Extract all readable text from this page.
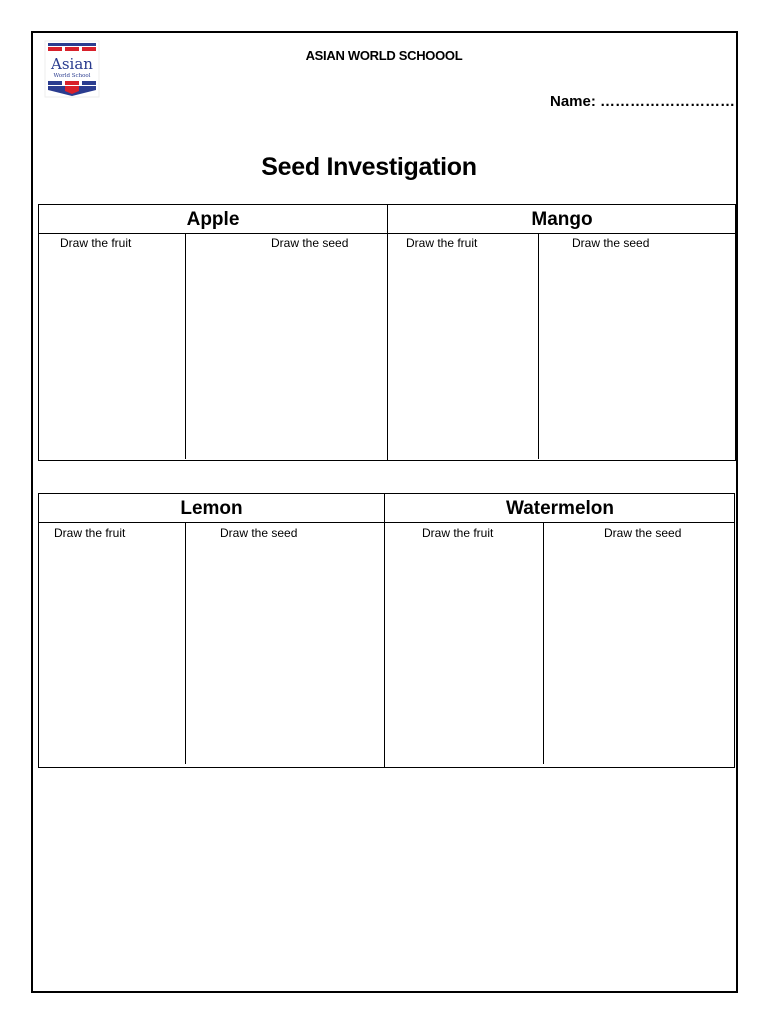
Asian
World School
ASIAN WORLD SCHOOOL
Name: ………………………
Seed Investigation
Apple	Mango
Draw the fruit	Draw the seed	Draw the fruit	Draw the seed
Lemon	Watermelon
Draw the fruit	Draw the seed	Draw the fruit	Draw the seed
